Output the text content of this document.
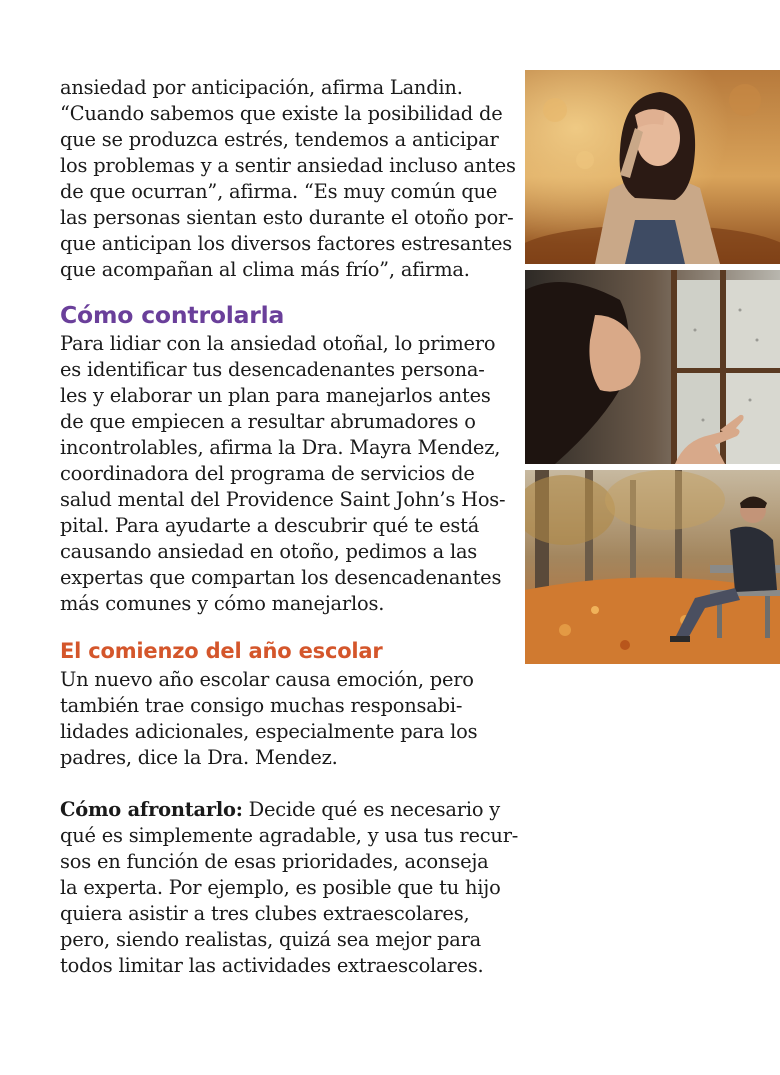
ansiedad por anticipación, afirma Landin.
“Cuando sabemos que existe la posibilidad de
que se produzca estrés, tendemos a anticipar
los problemas y a sentir ansiedad incluso antes
de que ocurran”, afirma. “Es muy común que
las personas sientan esto durante el otoño por-
que anticipan los diversos factores estresantes
que acompañan al clima más frío”, afirma.

Cómo controlarla

Para lidiar con la ansiedad otoñal, lo primero
es identificar tus desencadenantes persona-
les y elaborar un plan para manejarlos antes
de que empiecen a resultar abrumadores o
incontrolables, afirma la Dra. Mayra Mendez,
coordinadora del programa de servicios de
salud mental del Providence Saint John’s Hos-
pital. Para ayudarte a descubrir qué te está
causando ansiedad en otoño, pedimos a las
expertas que compartan los desencadenantes
más comunes y cómo manejarlos.

El comienzo del año escolar

Un nuevo año escolar causa emoción, pero
también trae consigo muchas responsabi-
lidades adicionales, especialmente para los
padres, dice la Dra. Mendez.

Cómo afrontarlo: Decide qué es necesario y
qué es simplemente agradable, y usa tus recur-
sos en función de esas prioridades, aconseja
la experta. Por ejemplo, es posible que tu hijo
quiera asistir a tres clubes extraescolares,
pero, siendo realistas, quizá sea mejor para
todos limitar las actividades extraescolares.
